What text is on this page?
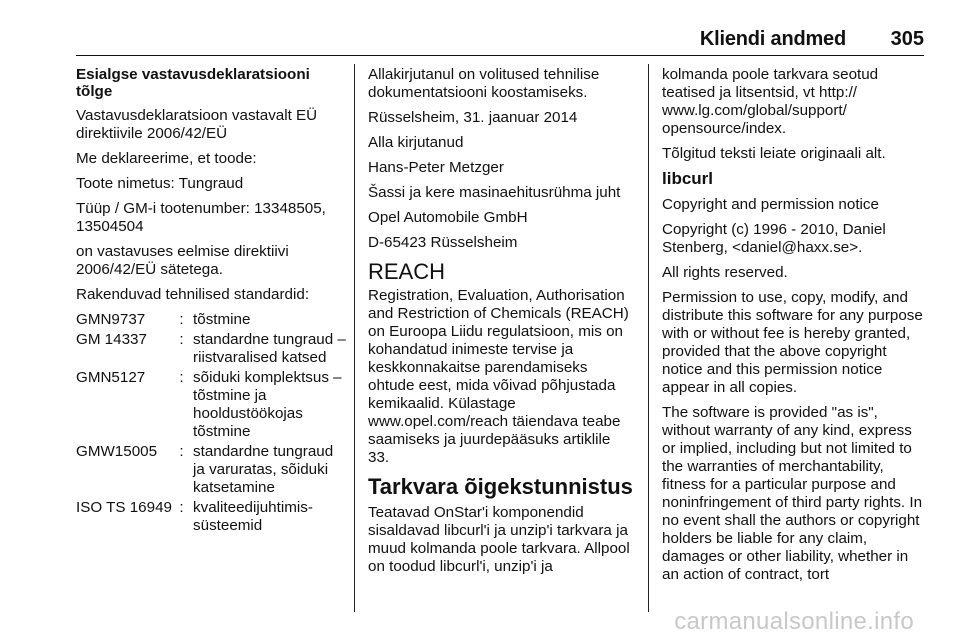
Kliendi andmed 305

Esialgse vastavusdeklaratsiooni
tõlge

Vastavusdeklaratsioon vastavalt EÜ direktiivile 2006/42/EÜ

Me deklareerime, et toode:

Toote nimetus: Tungraud

Tüüp / GM-i tootenumber: 13348505, 13504504

on vastavuses eelmise direktiivi 2006/42/EÜ sätetega.

Rakenduvad tehnilised standardid:

GMN9737	:	tõstmine
GM 14337	:	standardne tungraud – riistvaralised katsed
GMN5127	:	sõiduki komplektsus – tõstmine ja hooldustöökojas tõstmine
GMW15005	:	standardne tungraud ja varuratas, sõiduki katsetamine
ISO TS 16949	:	kvaliteedijuhtimis-süsteemid

Allakirjutanul on volitused tehnilise dokumentatsiooni koostamiseks.

Rüsselsheim, 31. jaanuar 2014

Alla kirjutanud

Hans-Peter Metzger

Šassi ja kere masinaehitusrühma juht

Opel Automobile GmbH

D-65423 Rüsselsheim

REACH

Registration, Evaluation, Authorisation and Restriction of Chemicals (REACH) on Euroopa Liidu regulatsioon, mis on kohandatud inimeste tervise ja keskkonnakaitse parendamiseks ohtude eest, mida võivad põhjustada kemikaalid. Külastage www.opel.com/reach täiendava teabe saamiseks ja juurdepääsuks artiklile 33.

Tarkvara õigekstunnistus

Teatavad OnStar'i komponendid sisaldavad libcurl'i ja unzip'i tarkvara ja muud kolmanda poole tarkvara. Allpool on toodud libcurl'i, unzip'i ja

kolmanda poole tarkvara seotud teatised ja litsentsid, vt http:// www.lg.com/global/support/ opensource/index.

Tõlgitud teksti leiate originaali alt.

libcurl

Copyright and permission notice

Copyright (c) 1996 - 2010, Daniel Stenberg, <daniel@haxx.se>.

All rights reserved.

Permission to use, copy, modify, and distribute this software for any purpose with or without fee is hereby granted, provided that the above copyright notice and this permission notice appear in all copies.

The software is provided "as is", without warranty of any kind, express or implied, including but not limited to the warranties of merchantability, fitness for a particular purpose and noninfringement of third party rights. In no event shall the authors or copyright holders be liable for any claim, damages or other liability, whether in an action of contract, tort

carmanualsonline.info
